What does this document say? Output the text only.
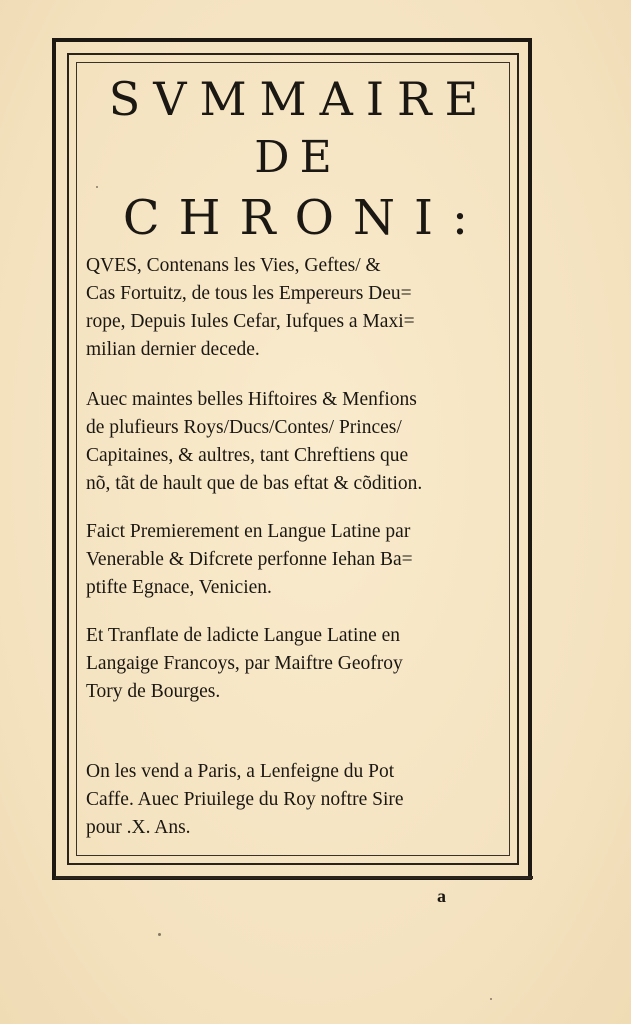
SVMMAIRE

DE

CHRONI:

QVES, Contenans les Vies, Geftes/ &
Cas Fortuitz, de tous les Empereurs Deu=
rope, Depuis Iules Cefar, Iufques a Maxi=
milian dernier decede.

Auec maintes belles Hiftoires & Menfions
de plufieurs Roys/Ducs/Contes/ Princes/
Capitaines, & aultres, tant Chreftiens que
nõ, tãt de hault que de bas eftat & cõdition.

Faict Premierement en Langue Latine par
Venerable & Difcrete perfonne Iehan Ba=
ptifte Egnace, Venicien.

Et Tranflate de ladicte Langue Latine en
Langaige Francoys, par Maiftre Geofroy
Tory de Bourges.

On les vend a Paris, a Lenfeigne du Pot
Caffe. Auec Priuilege du Roy noftre Sire
pour .X. Ans.

a
